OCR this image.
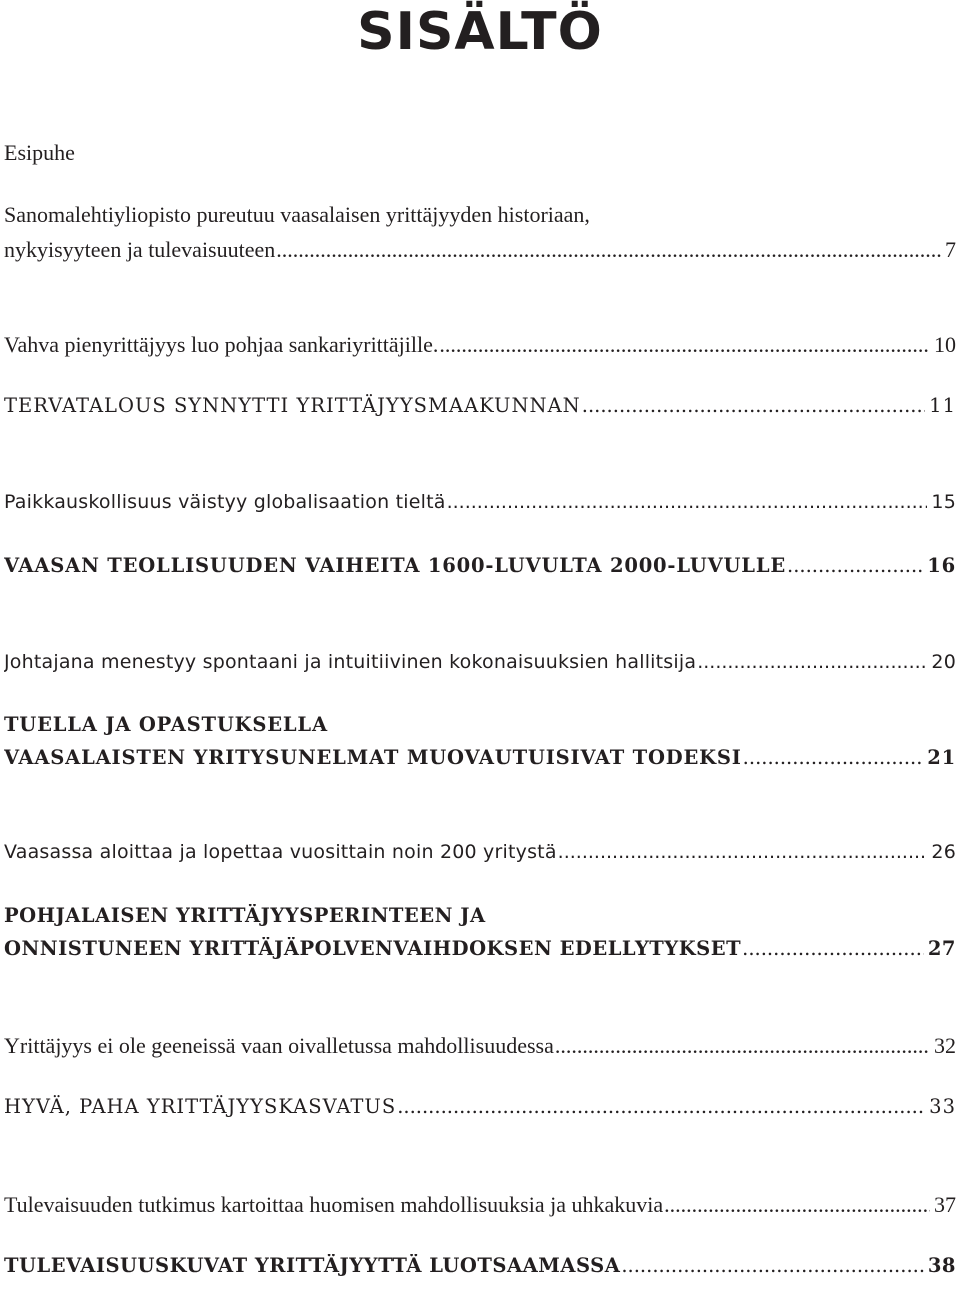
SISÄLTÖ
Esipuhe
Sanomalehtiyliopisto pureutuu vaasalaisen yrittäjyyden historiaan,
nykyisyyteen ja tulevaisuuteen .....	7
Vahva pienyrittäjyys luo pohjaa sankariyrittäjille. .....	10
TERVATALOUS SYNNYTTI YRITTÄJYYSMAAKUNNAN .....	11
Paikkauskollisuus väistyy globalisaation tieltä .....	15
VAASAN TEOLLISUUDEN VAIHEITA 1600-LUVULTA 2000-LUVULLE .....	16
Johtajana menestyy spontaani ja intuitiivinen kokonaisuuksien hallitsija .....	20
TUELLA JA OPASTUKSELLA
VAASALAISTEN YRITYSUNELMAT MUOVAUTUISIVAT TODEKSI .....	21
Vaasassa aloittaa ja lopettaa vuosittain noin 200 yritystä .....	26
POHJALAISEN YRITTÄJYYSPERINTEEN JA
ONNISTUNEEN YRITTÄJÄPOLVENVAIHDOKSEN EDELLYTYKSET .....	27
Yrittäjyys ei ole geeneissä vaan oivalletussa mahdollisuudessa .....	32
HYVÄ, PAHA YRITTÄJYYSKASVATUS .....	33
Tulevaisuuden tutkimus kartoittaa huomisen mahdollisuuksia ja uhkakuvia .....	37
TULEVAISUUSKUVAT YRITTÄJYYTTÄ LUOTSAAMASSA .....	38
